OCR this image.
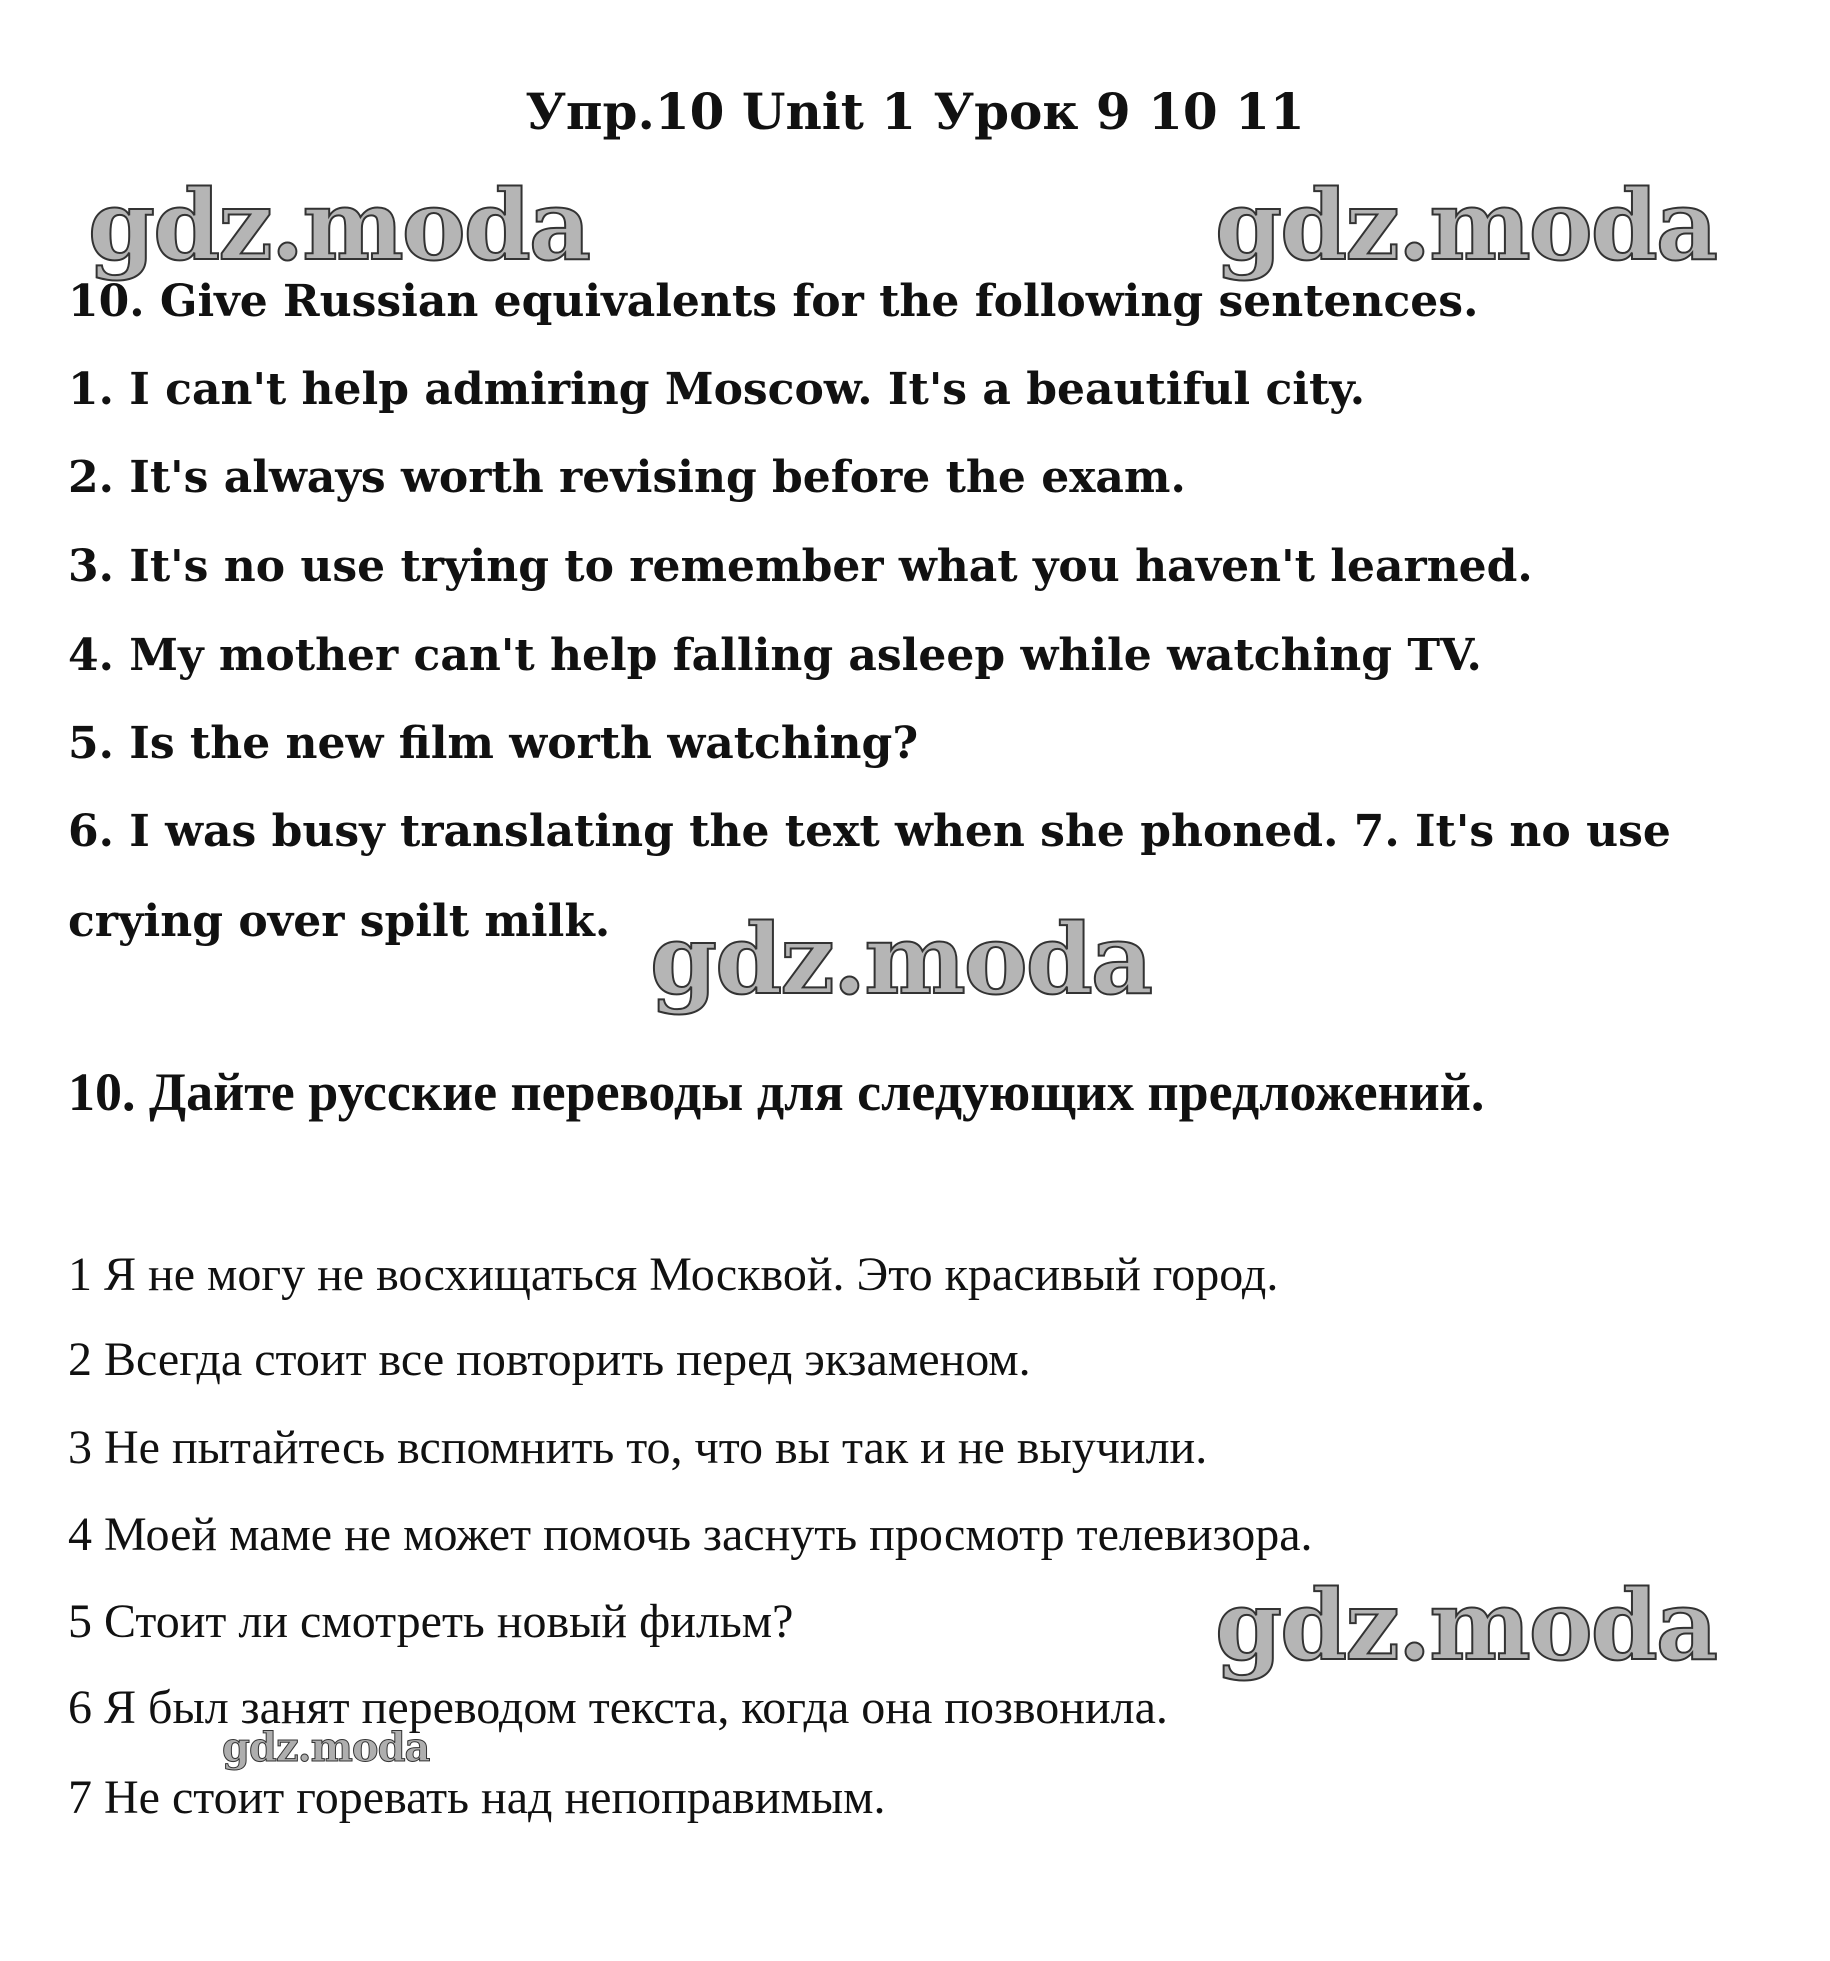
Упр.10 Unit 1 Урок 9 10 11
10. Give Russian equivalents for the following sentences.
1. I can't help admiring Moscow. It's a beautiful city.
2. It's always worth revising before the exam.
3. It's no use trying to remember what you haven't learned.
4. My mother can't help falling asleep while watching TV.
5. Is the new film worth watching?
6. I was busy translating the text when she phoned. 7. It's no use
crying over spilt milk.
10. Дайте русские переводы для следующих предложений.
1 Я не могу не восхищаться Москвой. Это красивый город.
2 Всегда стоит все повторить перед экзаменом.
3 Не пытайтесь вспомнить то, что вы так и не выучили.
4 Моей маме не может помочь заснуть просмотр телевизора.
5 Стоит ли смотреть новый фильм?
6 Я был занят переводом текста, когда она позвонила.
7 Не стоит горевать над непоправимым.
gdz.moda	gdz.moda
gdz.moda
gdz.moda
gdz.moda
